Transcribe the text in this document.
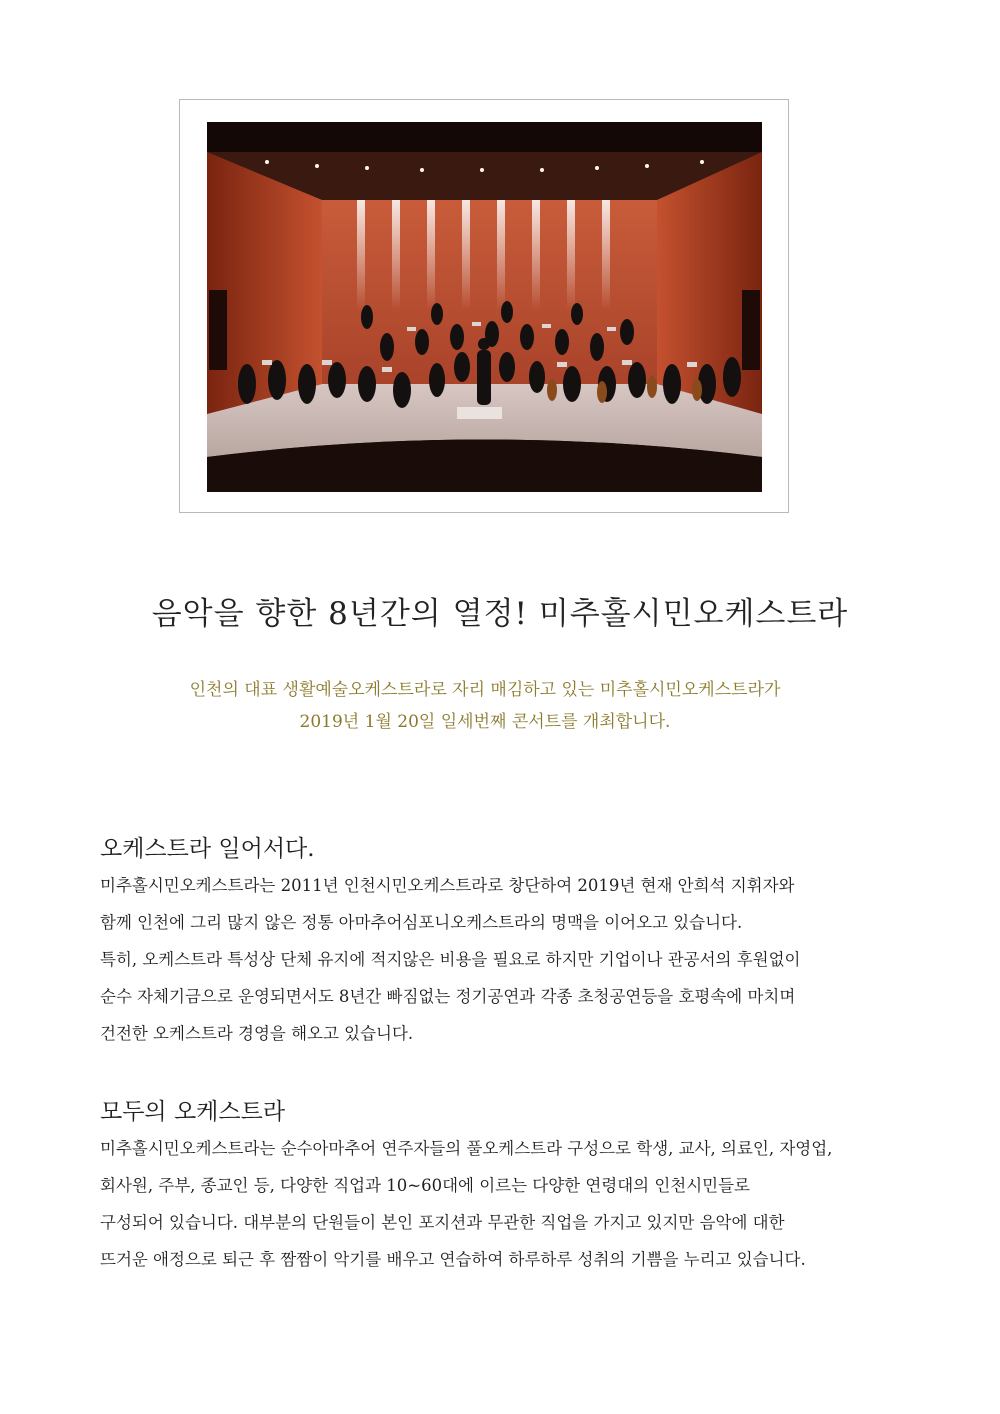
음악을 향한 8년간의 열정! 미추홀시민오케스트라
인천의 대표 생활예술오케스트라로 자리 매김하고 있는 미추홀시민오케스트라가
2019년 1월 20일 일세번째 콘서트를 개최합니다.
오케스트라 일어서다.
미추홀시민오케스트라는 2011년 인천시민오케스트라로 창단하여 2019년 현재 안희석 지휘자와
함께 인천에 그리 많지 않은 정통 아마추어심포니오케스트라의 명맥을 이어오고 있습니다.
특히, 오케스트라 특성상 단체 유지에 적지않은 비용을 필요로 하지만 기업이나 관공서의 후원없이
순수 자체기금으로 운영되면서도 8년간 빠짐없는 정기공연과 각종 초청공연등을 호평속에 마치며
건전한 오케스트라 경영을 해오고 있습니다.
모두의 오케스트라
미추홀시민오케스트라는 순수아마추어 연주자들의 풀오케스트라 구성으로 학생, 교사, 의료인, 자영업,
회사원, 주부, 종교인 등, 다양한 직업과 10~60대에 이르는 다양한 연령대의 인천시민들로
구성되어 있습니다. 대부분의 단원들이 본인 포지션과 무관한 직업을 가지고 있지만 음악에 대한
뜨거운 애정으로 퇴근 후 짬짬이 악기를 배우고 연습하여 하루하루 성취의 기쁨을 누리고 있습니다.
